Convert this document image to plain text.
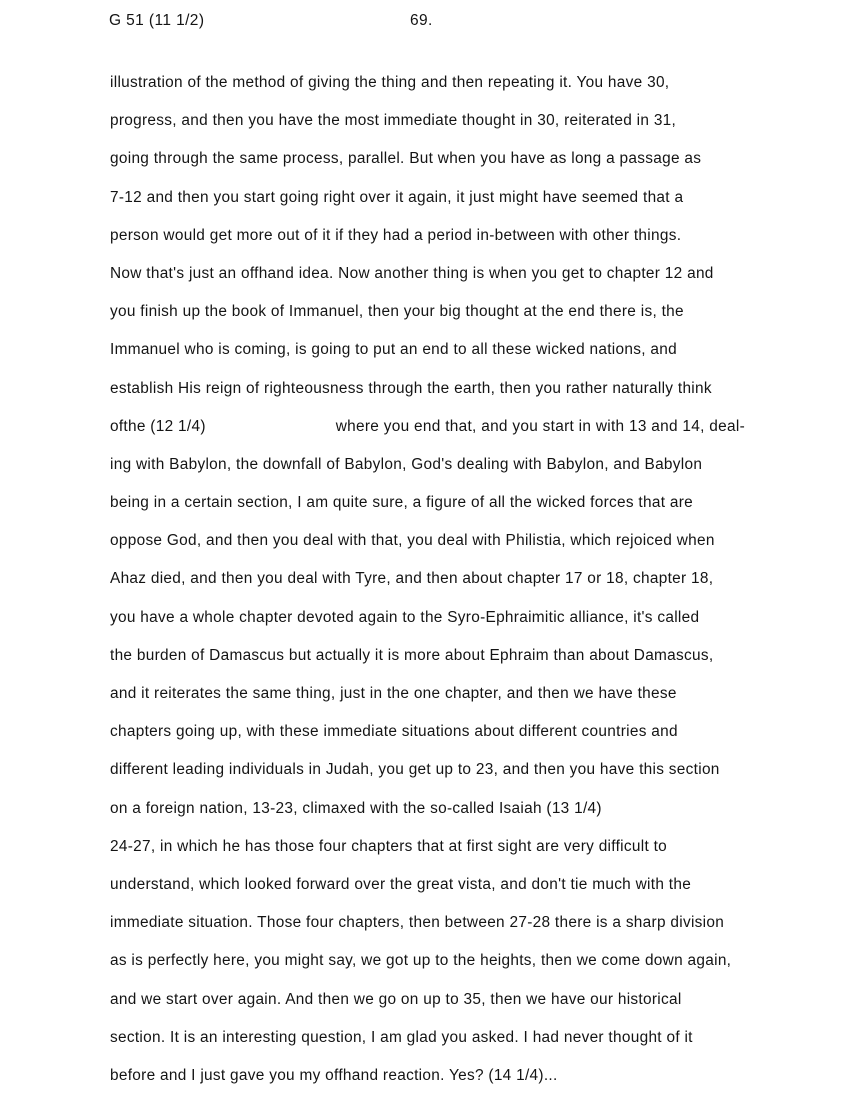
G 51 (11 1/2)	69.
illustration of the method of giving the thing and then repeating it. You have 30,
progress, and then you have the most immediate thought in 30, reiterated in 31,
going through the same process, parallel. But when you have as long a passage as
7-12 and then you start going right over it again, it just might have seemed that a
person would get more out of it if they had a period in-between with other things.
Now that's just an offhand idea. Now another thing is when you get to chapter 12 and
you finish up the book of Immanuel, then your big thought at the end there is, the
Immanuel who is coming, is going to put an end to all these wicked nations, and
establish His reign of righteousness through the earth, then you rather naturally think
ofthe (12 1/4)	where you end that, and you start in with 13 and 14, deal-
ing with Babylon, the downfall of Babylon, God's dealing with Babylon, and Babylon
being in a certain section, I am quite sure, a figure of all the wicked forces that are
oppose God, and then you deal with that, you deal with Philistia, which rejoiced when
Ahaz died, and then you deal with Tyre, and then about chapter 17 or 18, chapter 18,
you have a whole chapter devoted again to the Syro-Ephraimitic alliance, it's called
the burden of Damascus but actually it is more about Ephraim than about Damascus,
and it reiterates the same thing, just in the one chapter, and then we have these
chapters going up, with these immediate situations about different countries and
different leading individuals in Judah, you get up to 23, and then you have this section
on a foreign nation, 13-23, climaxed with the so-called Isaiah (13 1/4)
24-27, in which he has those four chapters that at first sight are very difficult to
understand, which looked forward over the great vista, and don't tie much with the
immediate situation. Those four chapters, then between 27-28 there is a sharp division
as is perfectly here, you might say, we got up to the heights, then we come down again,
and we start over again. And then we go on up to 35, then we have our historical
section. It is an interesting question, I am glad you asked. I had never thought of it
before and I just gave you my offhand reaction. Yes? (14 1/4)...
